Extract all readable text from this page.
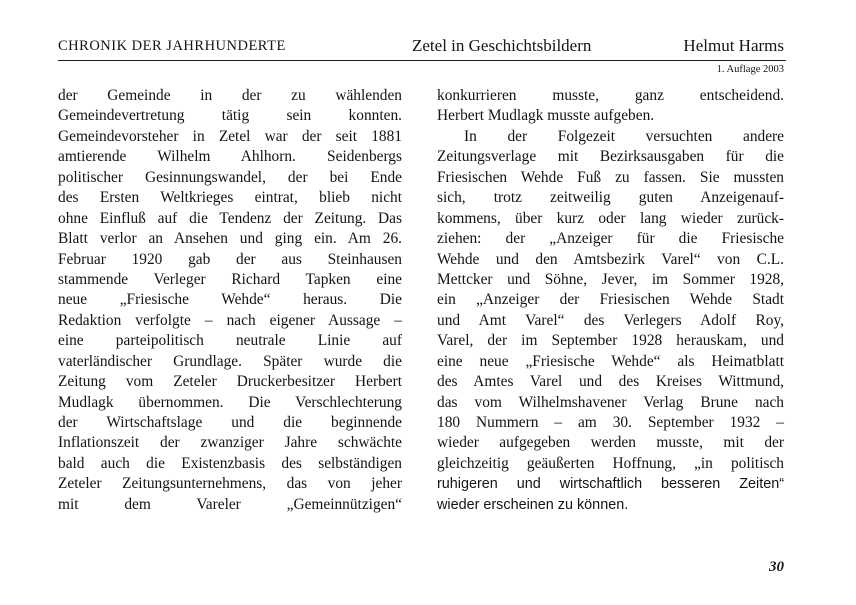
CHRONIK DER JAHRHUNDERTE	Zetel in Geschichtsbildern	Helmut Harms
1. Auflage 2003
der Gemeinde in der zu wählenden
Gemeindevertretung tätig sein konnten.
Gemeindevorsteher in Zetel war der seit 1881
amtierende Wilhelm Ahlhorn. Seidenbergs
politischer Gesinnungswandel, der bei Ende
des Ersten Weltkrieges eintrat, blieb nicht
ohne Einfluß auf die Tendenz der Zeitung. Das
Blatt verlor an Ansehen und ging ein. Am 26.
Februar 1920 gab der aus Steinhausen
stammende Verleger Richard Tapken eine
neue „Friesische Wehde“ heraus. Die
Redaktion verfolgte – nach eigener Aussage –
eine parteipolitisch neutrale Linie auf
vaterländischer Grundlage. Später wurde die
Zeitung vom Zeteler Druckerbesitzer Herbert
Mudlagk übernommen. Die Verschlechterung
der Wirtschaftslage und die beginnende
Inflationszeit der zwanziger Jahre schwächte
bald auch die Existenzbasis des selbständigen
Zeteler Zeitungsunternehmens, das von jeher
mit dem Vareler „Gemeinnützigen“
konkurrieren musste, ganz entscheidend.
Herbert Mudlagk musste aufgeben.
In der Folgezeit versuchten andere
Zeitungsverlage mit Bezirksausgaben für die
Friesischen Wehde Fuß zu fassen. Sie mussten
sich, trotz zeitweilig guten Anzeigenauf-
kommens, über kurz oder lang wieder zurück-
ziehen: der „Anzeiger für die Friesische
Wehde und den Amtsbezirk Varel“ von C.L.
Mettcker und Söhne, Jever, im Sommer 1928,
ein „Anzeiger der Friesischen Wehde Stadt
und Amt Varel“ des Verlegers Adolf Roy,
Varel, der im September 1928 herauskam, und
eine neue „Friesische Wehde“ als Heimatblatt
des Amtes Varel und des Kreises Wittmund,
das vom Wilhelmshavener Verlag Brune nach
180 Nummern – am 30. September 1932 –
wieder aufgegeben werden musste, mit der
gleichzeitig geäußerten Hoffnung, „in politisch
ruhigeren und wirtschaftlich besseren Zeiten“
wieder erscheinen zu können.
30
